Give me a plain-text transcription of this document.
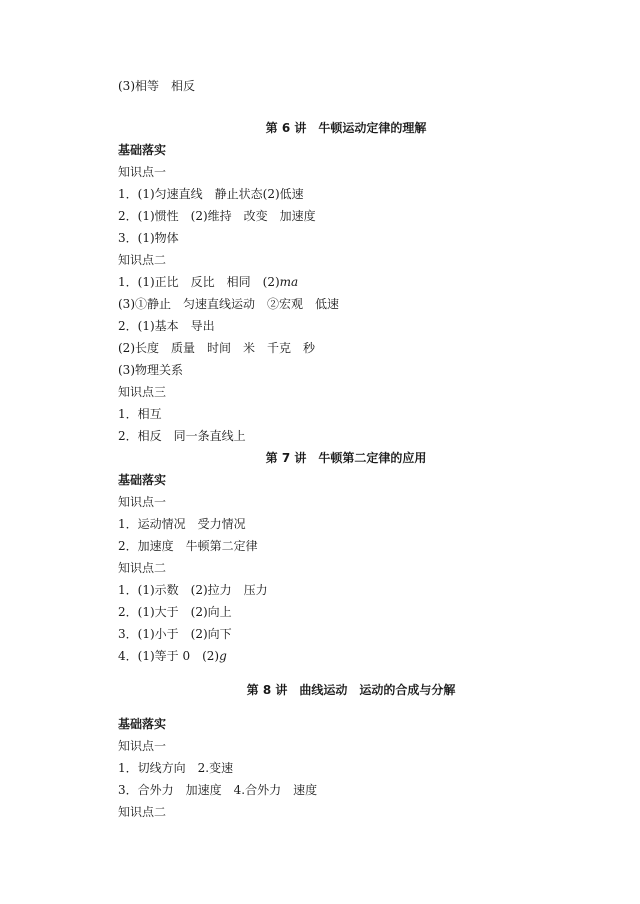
(3)相等　相反
第 6 讲　牛顿运动定律的理解
基础落实
知识点一
1．(1)匀速直线　静止状态(2)低速
2．(1)惯性　(2)维持　改变　加速度
3．(1)物体
知识点二
1．(1)正比　反比　相同　(2)ma
(3)①静止　匀速直线运动　②宏观　低速
2．(1)基本　导出
(2)长度　质量　时间　米　千克　秒
(3)物理关系
知识点三
1．相互
2．相反　同一条直线上
第 7 讲　牛顿第二定律的应用
基础落实
知识点一
1．运动情况　受力情况
2．加速度　牛顿第二定律
知识点二
1．(1)示数　(2)拉力　压力
2．(1)大于　(2)向上
3．(1)小于　(2)向下
4．(1)等于 0　(2)g
第 8 讲　曲线运动　运动的合成与分解
基础落实
知识点一
1．切线方向　2.变速
3．合外力　加速度　4.合外力　速度
知识点二
